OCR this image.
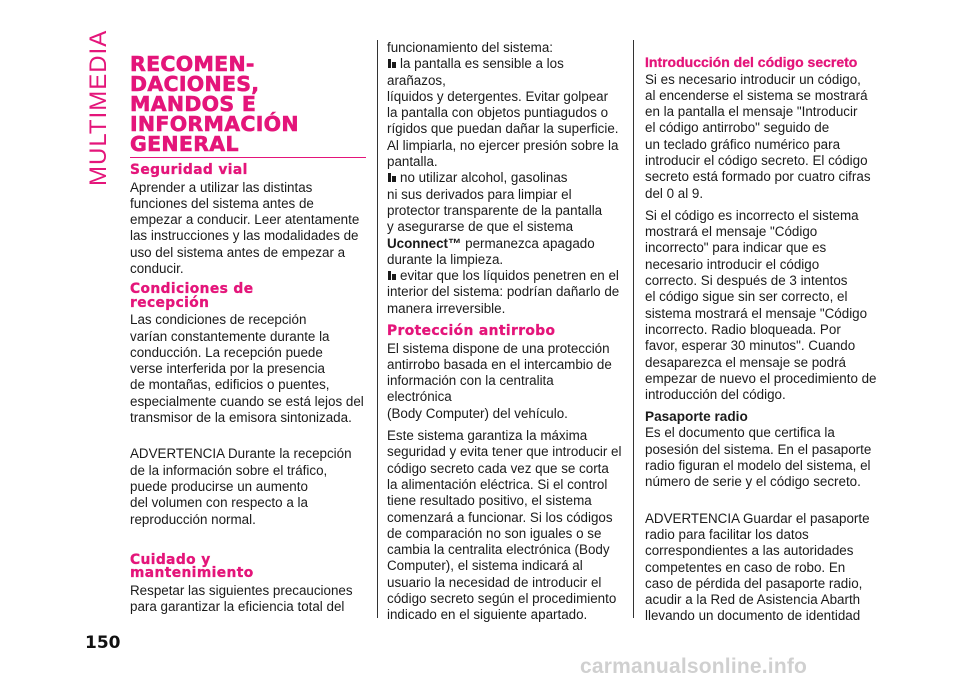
MULTIMEDIA
150
RECOMEN-
DACIONES,
MANDOS E
INFORMACIÓN
GENERAL
Seguridad vial

Aprender a utilizar las distintas
funciones del sistema antes de
empezar a conducir. Leer atentamente
las instrucciones y las modalidades de
uso del sistema antes de empezar a
conducir.

Condiciones de
recepción

Las condiciones de recepción
varían constantemente durante la
conducción. La recepción puede
verse interferida por la presencia
de montañas, edificios o puentes,
especialmente cuando se está lejos del
transmisor de la emisora sintonizada.

ADVERTENCIA Durante la recepción
de la información sobre el tráfico,
puede producirse un aumento
del volumen con respecto a la
reproducción normal.

Cuidado y
mantenimiento

Respetar las siguientes precauciones
para garantizar la eficiencia total del

funcionamiento del sistema:

la pantalla es sensible a los arañazos,
líquidos y detergentes. Evitar golpear
la pantalla con objetos puntiagudos o
rígidos que puedan dañar la superficie.
Al limpiarla, no ejercer presión sobre la
pantalla.
no utilizar alcohol, gasolinas
ni sus derivados para limpiar el
protector transparente de la pantalla
y asegurarse de que el sistema
Uconnect™ permanezca apagado
durante la limpieza.
evitar que los líquidos penetren en el
interior del sistema: podrían dañarlo de
manera irreversible.
Protección antirrobo

El sistema dispone de una protección
antirrobo basada en el intercambio de
información con la centralita electrónica
(Body Computer) del vehículo.

Este sistema garantiza la máxima
seguridad y evita tener que introducir el
código secreto cada vez que se corta
la alimentación eléctrica. Si el control
tiene resultado positivo, el sistema
comenzará a funcionar. Si los códigos
de comparación no son iguales o se
cambia la centralita electrónica (Body
Computer), el sistema indicará al
usuario la necesidad de introducir el
código secreto según el procedimiento
indicado en el siguiente apartado.

Introducción del código secreto

Si es necesario introducir un código,
al encenderse el sistema se mostrará
en la pantalla el mensaje "Introducir
el código antirrobo" seguido de
un teclado gráfico numérico para
introducir el código secreto. El código
secreto está formado por cuatro cifras
del 0 al 9.

Si el código es incorrecto el sistema
mostrará el mensaje "Código
incorrecto" para indicar que es
necesario introducir el código
correcto. Si después de 3 intentos
el código sigue sin ser correcto, el
sistema mostrará el mensaje "Código
incorrecto. Radio bloqueada. Por
favor, esperar 30 minutos". Cuando
desaparezca el mensaje se podrá
empezar de nuevo el procedimiento de
introducción del código.

Pasaporte radio

Es el documento que certifica la
posesión del sistema. En el pasaporte
radio figuran el modelo del sistema, el
número de serie y el código secreto.

ADVERTENCIA Guardar el pasaporte
radio para facilitar los datos
correspondientes a las autoridades
competentes en caso de robo. En
caso de pérdida del pasaporte radio,
acudir a la Red de Asistencia Abarth
llevando un documento de identidad

carmanualsonline.info
